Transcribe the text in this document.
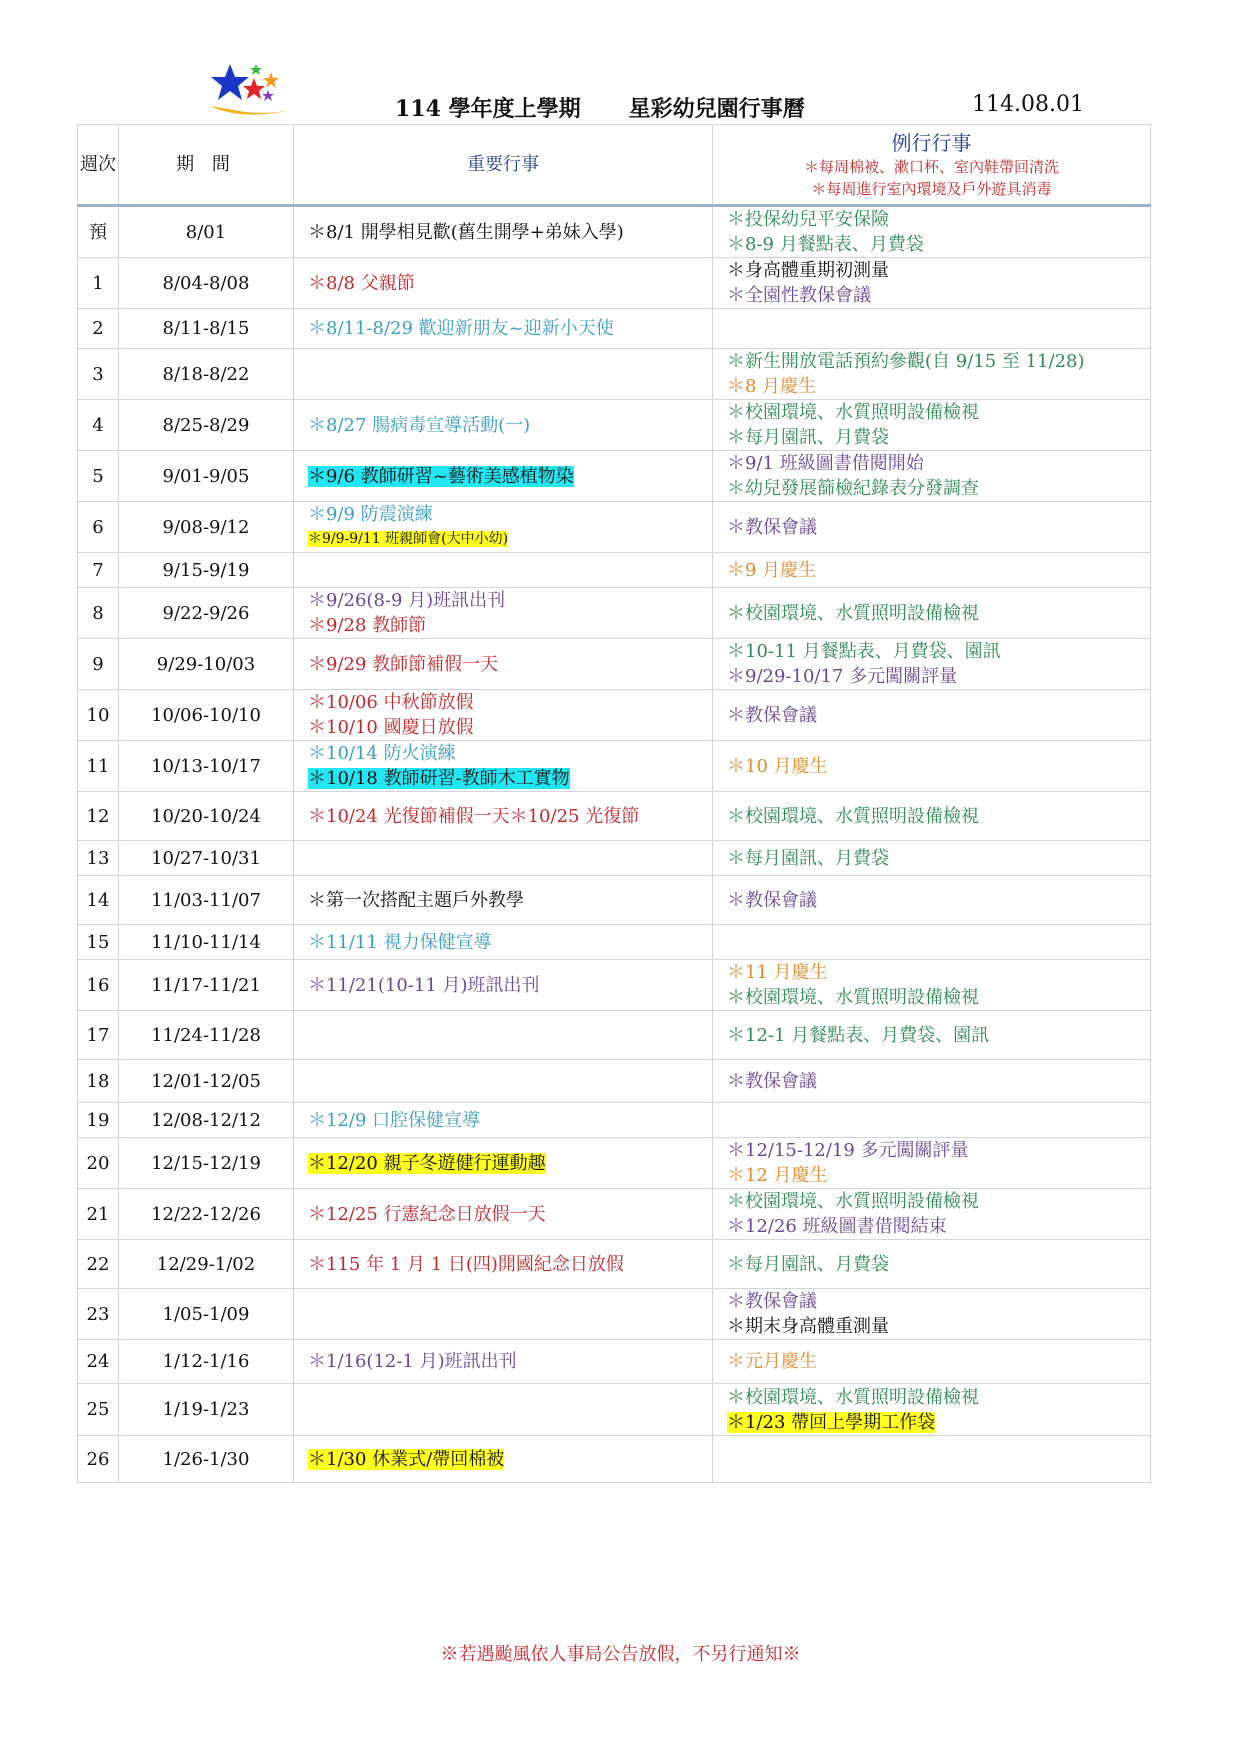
114 學年度上學期 星彩幼兒園行事曆	114.08.01
週次	期 間	重要行事	例行行事
＊每周棉被、漱口杯、室內鞋帶回清洗
＊每周進行室內環境及戶外遊具消毒

預	8/01	＊8/1 開學相見歡(舊生開學+弟妹入學)	＊投保幼兒平安保險
＊8-9 月餐點表、月費袋

1	8/04-8/08	＊8/8 父親節	＊身高體重期初測量
＊全園性教保會議

2	8/11-8/15	＊8/11-8/29 歡迎新朋友~迎新小天使	

3	8/18-8/22		＊新生開放電話預約參觀(自 9/15 至 11/28)
＊8 月慶生

4	8/25-8/29	＊8/27 腸病毒宣導活動(一)	＊校園環境、水質照明設備檢視
＊每月園訊、月費袋

5	9/01-9/05	＊9/6 教師研習~藝術美感植物染	＊9/1 班級圖書借閱開始
＊幼兒發展篩檢紀錄表分發調查

6	9/08-9/12	＊9/9 防震演練
＊9/9-9/11 班親師會(大中小幼)	＊教保會議

7	9/15-9/19		＊9 月慶生

8	9/22-9/26	＊9/26(8-9 月)班訊出刊
＊9/28 教師節	＊校園環境、水質照明設備檢視

9	9/29-10/03	＊9/29 教師節補假一天	＊10-11 月餐點表、月費袋、園訊
＊9/29-10/17 多元闖關評量

10	10/06-10/10	＊10/06 中秋節放假
＊10/10 國慶日放假	＊教保會議

11	10/13-10/17	＊10/14 防火演練
＊10/18 教師研習-教師木工實物	＊10 月慶生

12	10/20-10/24	＊10/24 光復節補假一天＊10/25 光復節	＊校園環境、水質照明設備檢視

13	10/27-10/31		＊每月園訊、月費袋

14	11/03-11/07	＊第一次搭配主題戶外教學	＊教保會議

15	11/10-11/14	＊11/11 視力保健宣導	

16	11/17-11/21	＊11/21(10-11 月)班訊出刊	＊11 月慶生
＊校園環境、水質照明設備檢視

17	11/24-11/28		＊12-1 月餐點表、月費袋、園訊

18	12/01-12/05		＊教保會議

19	12/08-12/12	＊12/9 口腔保健宣導	

20	12/15-12/19	＊12/20 親子冬遊健行運動趣	＊12/15-12/19 多元闖關評量
＊12 月慶生

21	12/22-12/26	＊12/25 行憲紀念日放假一天	＊校園環境、水質照明設備檢視
＊12/26 班級圖書借閱結束

22	12/29-1/02	＊115 年 1 月 1 日(四)開國紀念日放假	＊每月園訊、月費袋

23	1/05-1/09		＊教保會議
＊期末身高體重測量

24	1/12-1/16	＊1/16(12-1 月)班訊出刊	＊元月慶生

25	1/19-1/23		＊校園環境、水質照明設備檢視
＊1/23 帶回上學期工作袋

26	1/26-1/30	＊1/30 休業式/帶回棉被	

※若遇颱風依人事局公告放假，不另行通知※
